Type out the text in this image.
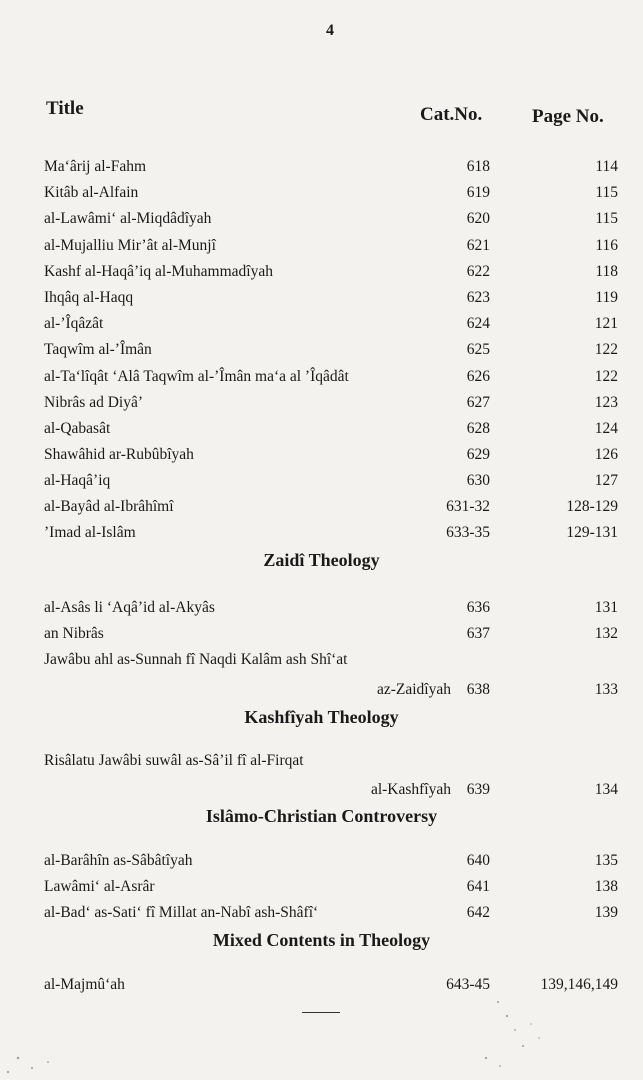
4
Title	Cat.No.	Page No.
Ma‘ârij al-Fahm	618	114
Kitâb al-Alfain	619	115
al-Lawâmi‘ al-Miqdâdîyah	620	115
al-Mujalliu Mir’ât al-Munjî	621	116
Kashf al-Haqâ’iq al-Muhammadîyah	622	118
Ihqâq al-Haqq	623	119
al-’Îqâzât	624	121
Taqwîm al-’Îmân	625	122
al-Ta‘lîqât ‘Alâ Taqwîm al-’Îmân ma‘a al ’Îqâdât	626	122
Nibrâs ad Diyâ’	627	123
al-Qabasât	628	124
Shawâhid ar-Rubûbîyah	629	126
al-Haqâ’iq	630	127
al-Bayâd al-Ibrâhîmî	631-32	128-129
’Imad al-Islâm	633-35	129-131
Zaidî Theology
al-Asâs li ‘Aqâ’id al-Akyâs	636	131
an Nibrâs	637	132
Jawâbu ahl as-Sunnah fî Naqdi Kalâm ash Shî‘at
az-Zaidîyah	638	133
Kashfîyah Theology
Risâlatu Jawâbi suwâl as-Sâ’il fî al-Firqat
al-Kashfîyah	639	134
Islâmo-Christian Controversy
al-Barâhîn as-Sâbâtîyah	640	135
Lawâmi‘ al-Asrâr	641	138
al-Bad‘ as-Sati‘ fî Millat an-Nabî ash-Shâfî‘	642	139
Mixed Contents in Theology
al-Majmû‘ah	643-45	139,146,149
